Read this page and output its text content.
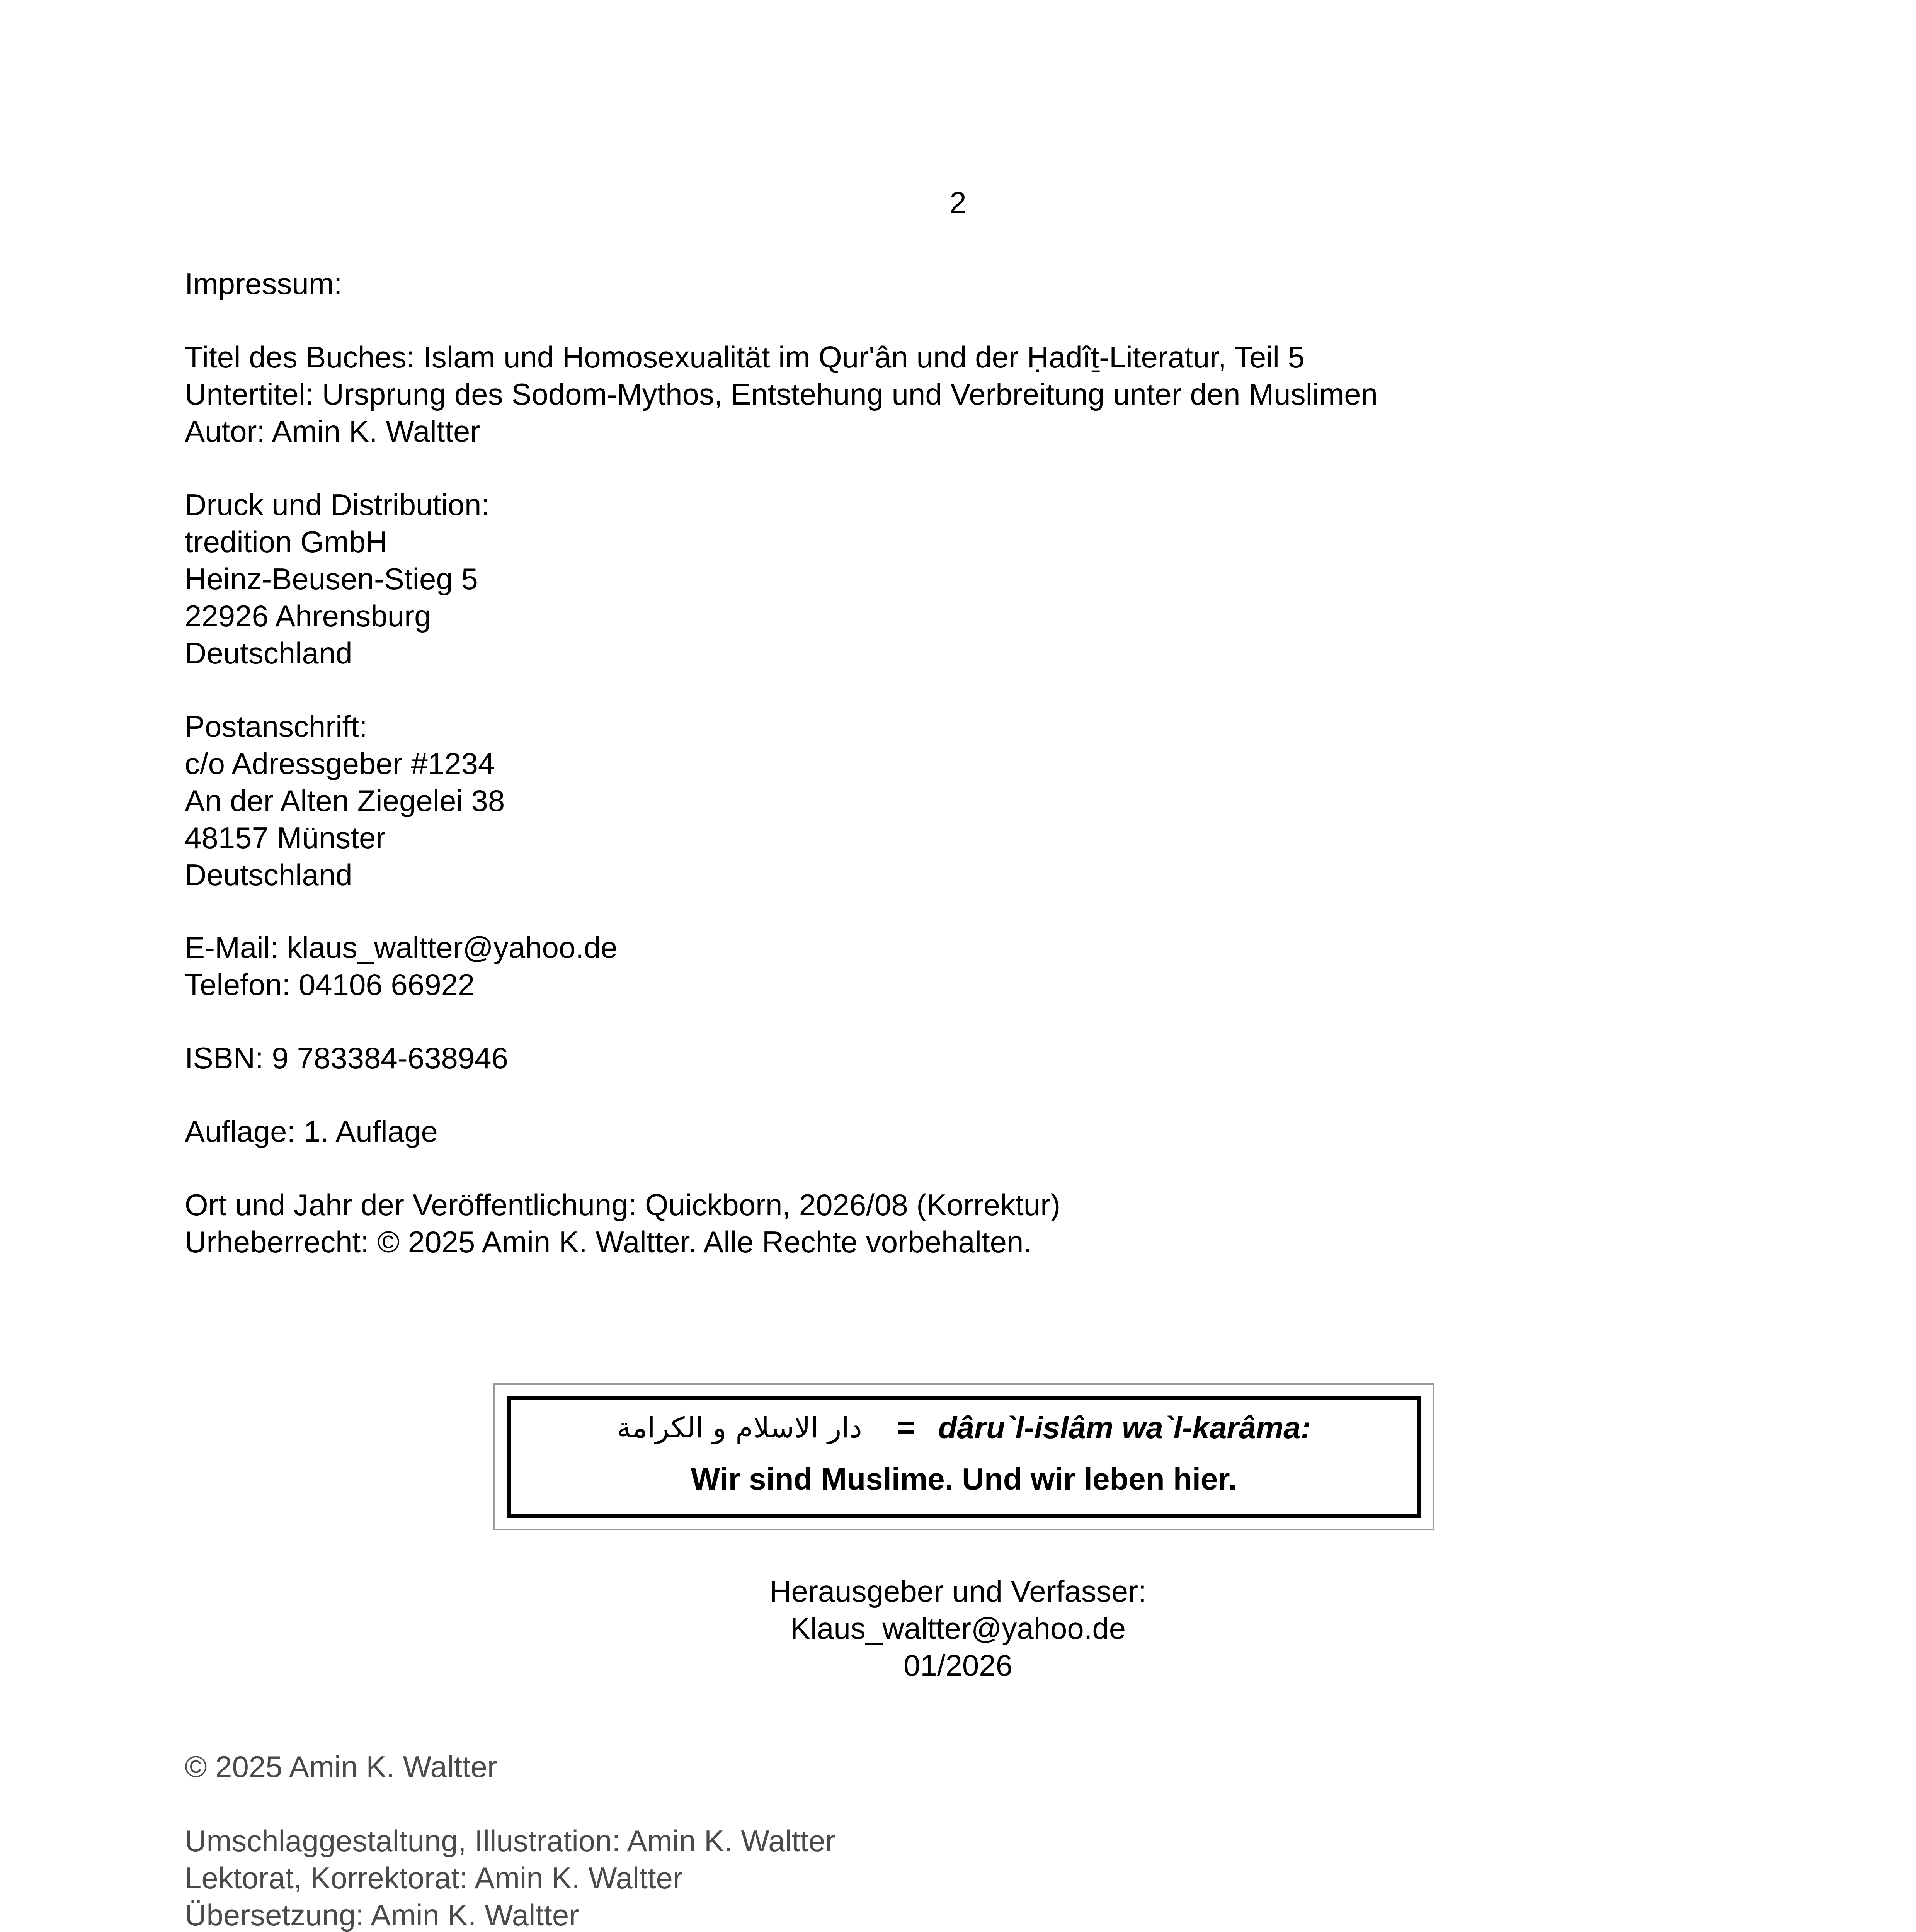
2

Impressum:

Titel des Buches: Islam und Homosexualität im Qur'ân und der Ḥadîṯ-Literatur, Teil 5

Untertitel: Ursprung des Sodom-Mythos, Entstehung und Verbreitung unter den Muslimen

Autor: Amin K. Waltter

Druck und Distribution:

tredition GmbH

Heinz-Beusen-Stieg 5

22926 Ahrensburg

Deutschland

Postanschrift:

c/o Adressgeber #1234

An der Alten Ziegelei 38

48157 Münster

Deutschland

E-Mail: klaus_waltter@yahoo.de

Telefon: 04106 66922

ISBN: 9 783384-638946

Auflage: 1. Auflage

Ort und Jahr der Veröffentlichung: Quickborn, 2026/08 (Korrektur)

Urheberrecht: © 2025 Amin K. Waltter. Alle Rechte vorbehalten.

دار الاسلام و الكرامة = dâru`l-islâm wa`l-karâma:
Wir sind Muslime. Und wir leben hier.

Herausgeber und Verfasser:

Klaus_waltter@yahoo.de

01/2026

© 2025 Amin K. Waltter

Umschlaggestaltung, Illustration: Amin K. Waltter

Lektorat, Korrektorat: Amin K. Waltter

Übersetzung: Amin K. Waltter
